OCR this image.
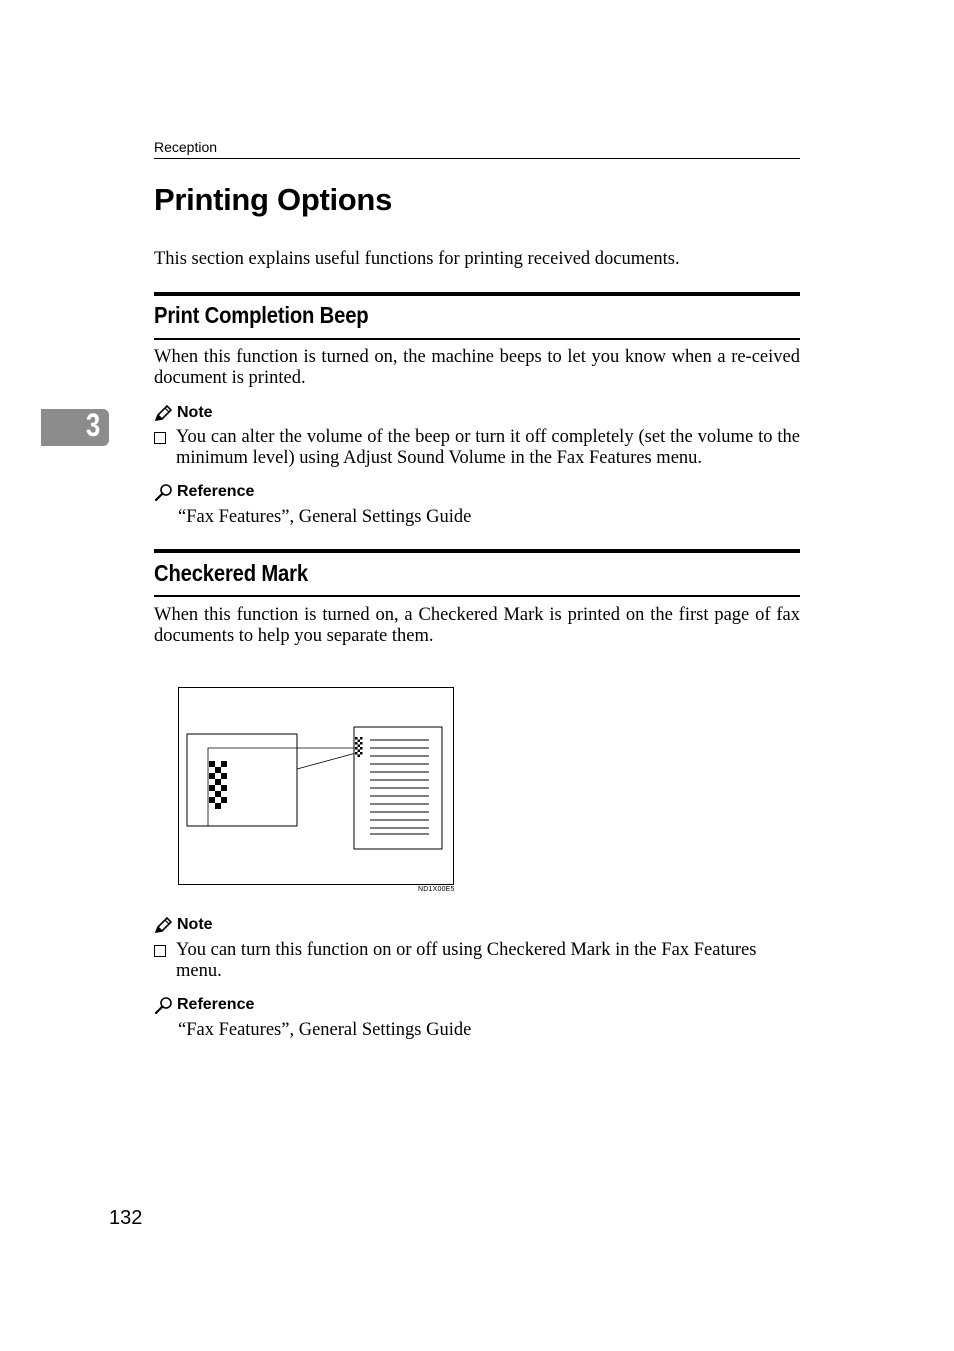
Reception
3
Printing Options
This section explains useful functions for printing received documents.
Print Completion Beep
When this function is turned on, the machine beeps to let you know when a re-ceived document is printed.
Note
You can alter the volume of the beep or turn it off completely (set the volume to the minimum level) using Adjust Sound Volume in the Fax Features menu.
Reference
“Fax Features”, General Settings Guide
Checkered Mark
When this function is turned on, a Checkered Mark is printed on the first page of fax documents to help you separate them.
ND1X00E5
Note
You can turn this function on or off using Checkered Mark in the Fax Features menu.
Reference
“Fax Features”, General Settings Guide
132
